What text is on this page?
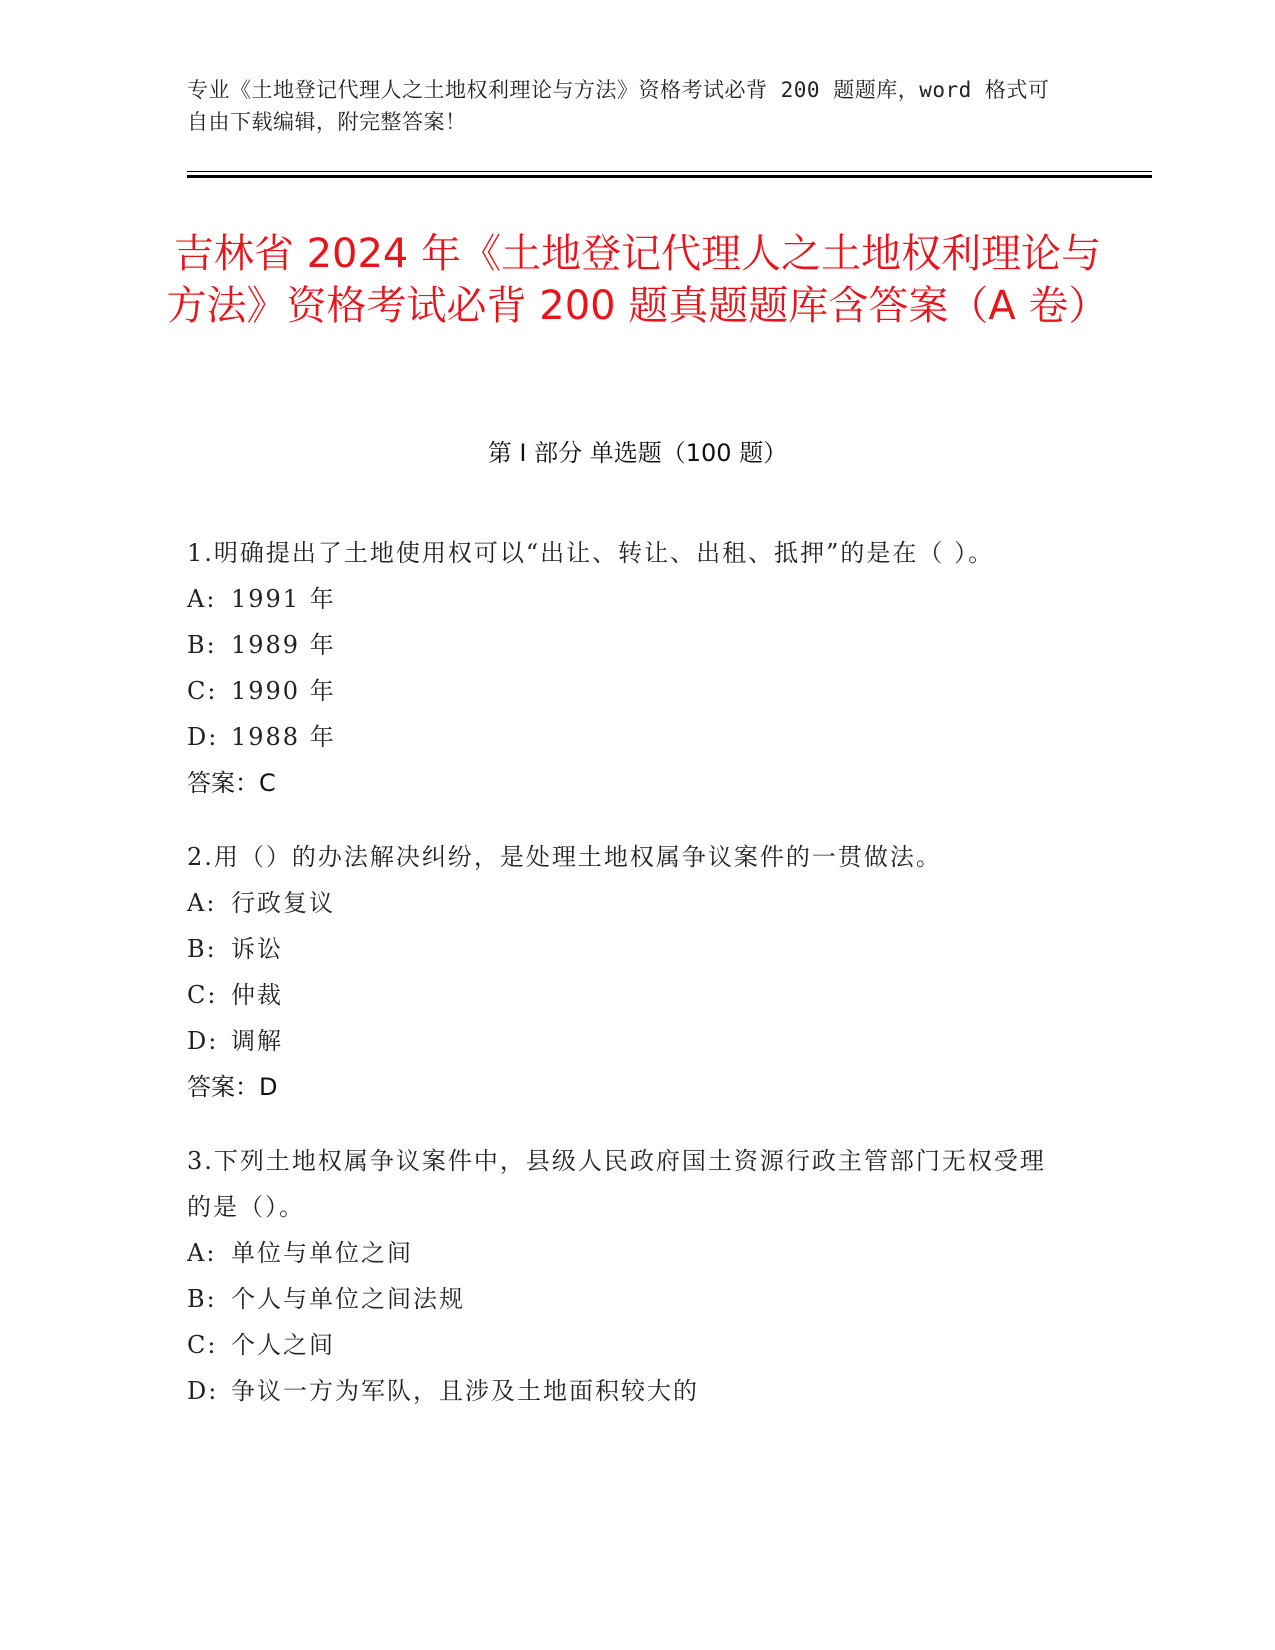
专业《土地登记代理人之土地权利理论与方法》资格考试必背 200 题题库，word 格式可自由下载编辑，附完整答案！
吉林省 2024 年《土地登记代理人之土地权利理论与方法》资格考试必背 200 题真题题库含答案（A 卷）
第 I 部分 单选题（100 题）
1.明确提出了土地使用权可以“出让、转让、出租、抵押”的是在（ ）。
A: 1991 年
B: 1989 年
C: 1990 年
D: 1988 年
答案：C
2.用（）的办法解决纠纷，是处理土地权属争议案件的一贯做法。
A: 行政复议
B: 诉讼
C: 仲裁
D: 调解
答案：D
3.下列土地权属争议案件中，县级人民政府国土资源行政主管部门无权受理的是（）。
A: 单位与单位之间
B: 个人与单位之间法规
C: 个人之间
D: 争议一方为军队，且涉及土地面积较大的
